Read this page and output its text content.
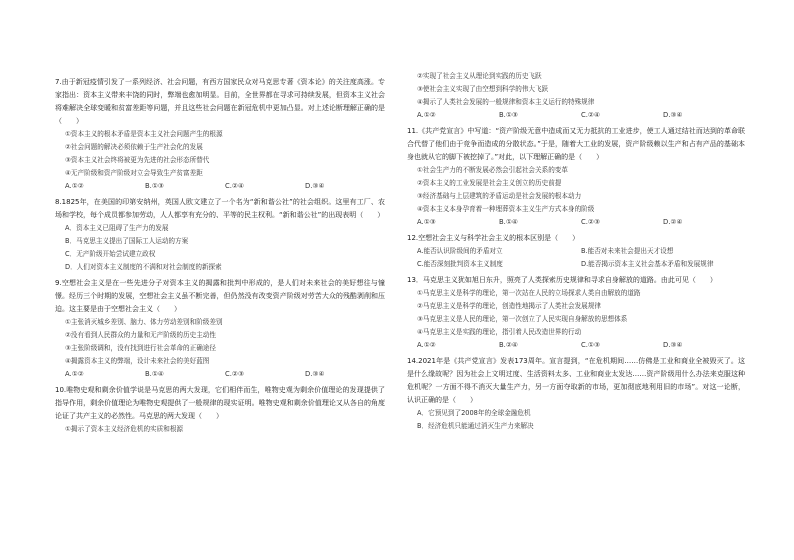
7.由于新冠疫情引发了一系列经济、社会问题，有西方国家民众对马克思专著《资本论》的关注度高涨。专家指出：资本主义带来丰饶的同时，弊端也愈加明显。目前，全世界都在寻求可持续发展，但资本主义社会将难解决全球变暖和贫富差距等问题，并且这些社会问题在新冠危机中更加凸显。对上述论断理解正确的是（　　）

①资本主义的根本矛盾是资本主义社会问题产生的根源

②社会问题的解决必须依赖于生产社会化的发展

③资本主义社会终将被更为先进的社会形态所替代

④无产阶级和资产阶级对立会导致生产贫富差距

A.①②	B.①③	C.②④	D.③④

8.1825年，在美国的印第安纳州，英国人欧文建立了一个名为“新和谐公社”的社会组织。这里有工厂、农场和学校，每个成员都参加劳动，人人都享有充分的、平等的民主权利。“新和谐公社”的出现表明（　　）

A．资本主义已阻碍了生产力的发展

B．马克思主义提出了国际工人运动的方案

C．无产阶级开始尝试建立政权

D．人们对资本主义制度的不满和对社会制度的新探索

9.空想社会主义是在一些先进分子对资本主义的揭露和批判中形成的，是人们对未来社会的美好想往与憧憬。经历三个时期的发展，空想社会主义虽不断完善，但仍然没有改变资产阶级对劳苦大众的残酷剥削和压迫。这主要是由于空想社会主义（　　）

①主张消灭城乡差别、脑力、体力劳动差别和阶级差别

②没有看到人民群众的力量和无产阶级的历史主动性

③主张阶级调和，没有找到进行社会革命的正确途径

④揭露资本主义的弊端，设计未来社会的美好蓝图

A.①②	B.①④	C.②③	D.③④

10.唯物史观和剩余价值学说是马克思的两大发现，它们相伴而生，唯物史观为剩余价值理论的发现提供了指导作用，剩余价值理论为唯物史观提供了一般规律的现实证明。唯物史观和剩余价值理论又从各自的角度论证了共产主义的必然性。马克思的两大发现（　　）

①揭示了资本主义经济危机的实质和根源

②实现了社会主义从理论到实践的历史飞跃

③使社会主义实现了由空想到科学的伟大飞跃

④揭示了人类社会发展的一般规律和资本主义运行的特殊规律

A.①②	B.①③	C.②④	D.③④

11.《共产党宣言》中写道：“资产阶级无意中造成而又无力抵抗的工业进步，使工人通过结社而达到的革命联合代替了他们由于竞争而造成的分散状态。”于是，随着大工业的发展，资产阶级赖以生产和占有产品的基础本身也就从它的脚下被挖掉了。”对此，以下理解正确的是（　　）

①社会生产力的不断发展必然会引起社会关系的变革

②资本主义的工业发展是社会主义创立的历史前提

③经济基础与上层建筑的矛盾运动是社会发展的根本动力

④资本主义本身孕育着一种埋葬资本主义生产方式本身的阶级

A.①③	B.①④	C.②③	D.②④

12.空想社会主义与科学社会主义的根本区别是（　　）

A.能否认识阶级间的矛盾对立	B.能否对未来社会提出天才设想
C.能否深刻批判资本主义制度	D.能否揭示资本主义社会基本矛盾和发展规律

13．马克思主义犹如旭日东升，照亮了人类探索历史规律和寻求自身解放的道路。由此可见（　　）

①马克思主义是科学的理论，第一次站在人民的立场探求人类自由解放的道路

②马克思主义是科学的理论，创造性地揭示了人类社会发展规律

③马克思主义是人民的理论，第一次创立了人民实现自身解放的思想体系

④马克思主义是实践的理论，指引着人民改造世界的行动

A.①②	B.②④	C.①③	D.③④

14.2021年是《共产党宣言》发表173周年。宣言提到，“在危机期间……仿佛是工业和商业全被毁灭了。这是什么缘故呢？因为社会上文明过度、生活资料太多、工业和商业太发达……资产阶级用什么办法来克服这种危机呢？一方面不得不消灭大量生产力，另一方面夺取新的市场，更加彻底地利用旧的市场”。对这一论断，认识正确的是（　　）

A．它预见到了2008年的全球金融危机

B．经济危机只能通过消灭生产力来解决
